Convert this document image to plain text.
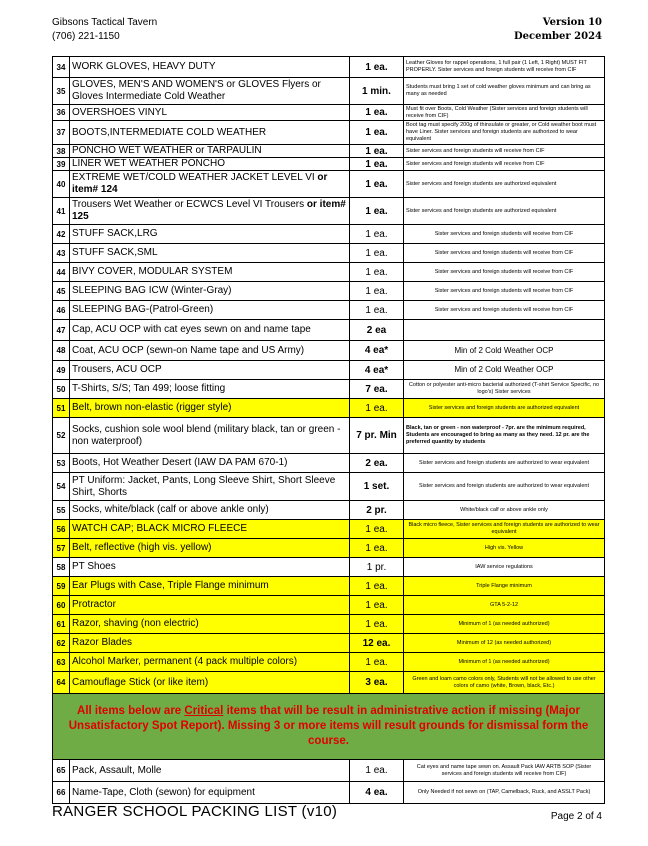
Gibsons Tactical Tavern
(706) 221-1150
Version 10
December 2024
34	WORK GLOVES, HEAVY DUTY	1 ea.	Leather Gloves for rappel operations, 1 full pair (1 Left, 1 Right) MUST FIT PROPERLY. Sister services and foreign students will receive from CIF
35	GLOVES, MEN'S AND WOMEN'S or GLOVES Flyers or Gloves Intermediate Cold Weather	1 min.	Students must bring 1 set of cold weather gloves minimum and can bring as many as needed
36	OVERSHOES VINYL	1 ea.	Must fit over Boots, Cold Weather (Sister services and foreign students will receive from CIF)
37	BOOTS,INTERMEDIATE COLD WEATHER	1 ea.	Boot tag must specify 200g of thinsulate or greater, or Cold weather boot must have Liner. Sister services and foreign students are authorized to wear equivalent
38	PONCHO WET WEATHER or TARPAULIN	1 ea.	Sister services and foreign students will receive from CIF
39	LINER WET WEATHER PONCHO	1 ea.	Sister services and foreign students will receive from CIF
40	EXTREME WET/COLD WEATHER JACKET LEVEL VI or item# 124	1 ea.	Sister services and foreign students are authorized equivalent
41	Trousers Wet Weather or ECWCS Level VI Trousers or item# 125	1 ea.	Sister services and foreign students are authorized equivalent
42	STUFF SACK,LRG	1 ea.	Sister services and foreign students will receive from CIF
43	STUFF SACK,SML	1 ea.	Sister services and foreign students will receive from CIF
44	BIVY COVER, MODULAR SYSTEM	1 ea.	Sister services and foreign students will receive from CIF
45	SLEEPING BAG ICW (Winter-Gray)	1 ea.	Sister services and foreign students will receive from CIF
46	SLEEPING BAG-(Patrol-Green)	1 ea.	Sister services and foreign students will receive from CIF
47	Cap, ACU OCP with cat eyes sewn on and name tape	2 ea	
48	Coat, ACU OCP (sewn-on Name tape and US Army)	4 ea*	Min of 2 Cold Weather OCP
49	Trousers, ACU OCP	4 ea*	Min of 2 Cold Weather OCP
50	T-Shirts, S/S; Tan 499; loose fitting	7 ea.	Cotton or polyester anti-micro bacterial authorized (T-shirt Service Specific, no logo's) Sister services
51	Belt, brown non-elastic (rigger style)	1 ea.	Sister services and foreign students are authorized equivalent
52	Socks, cushion sole wool blend (military black, tan or green - non waterproof)	7 pr. Min	Black, tan or green - non waterproof - 7pr. are the minimum required, Students are encouraged to bring as many as they need. 12 pr. are the preferred quantity by students
53	Boots, Hot Weather Desert (IAW DA PAM 670-1)	2 ea.	Sister services and foreign students are authorized to wear equivalent
54	PT Uniform: Jacket, Pants, Long Sleeve Shirt, Short Sleeve Shirt, Shorts	1 set.	Sister services and foreign students are authorized to wear equivalent
55	Socks, white/black (calf or above ankle only)	2 pr.	White/black calf or above ankle only
56	WATCH CAP; BLACK MICRO FLEECE	1 ea.	Black micro fleece, Sister services and foreign students are authorized to wear equivalent
57	Belt, reflective (high vis. yellow)	1 ea.	High vis. Yellow
58	PT Shoes	1 pr.	IAW service regulations
59	Ear Plugs with Case, Triple Flange minimum	1 ea.	Triple Flange minimum
60	Protractor	1 ea.	GTA 5-2-12
61	Razor, shaving (non electric)	1 ea.	Minimum of 1 (as needed authorized)
62	Razor Blades	12 ea.	Minimum of 12 (as needed authorized)
63	Alcohol Marker, permanent (4 pack multiple colors)	1 ea.	Minimum of 1 (as needed authorized)
64	Camouflage Stick (or like item)	3 ea.	Green and loam camo colors only, Students will not be allowed to use other colors of camo (white, Brown, black, Etc.)
All items below are Critical items that will be result in administrative action if missing (Major Unsatisfactory Spot Report). Missing 3 or more items will result grounds for dismissal form the course.			
65	Pack, Assault, Molle	1 ea.	Cat eyes and name tape sewn on. Assault Pack IAW ARTB SOP (Sister services and foreign students will receive from CIF)
66	Name-Tape, Cloth (sewon) for equipment	4 ea.	Only Needed if not sewn on (TAP, Camelback, Ruck, and ASSLT Pack)
RANGER SCHOOL PACKING LIST (v10)	Page 2 of 4
